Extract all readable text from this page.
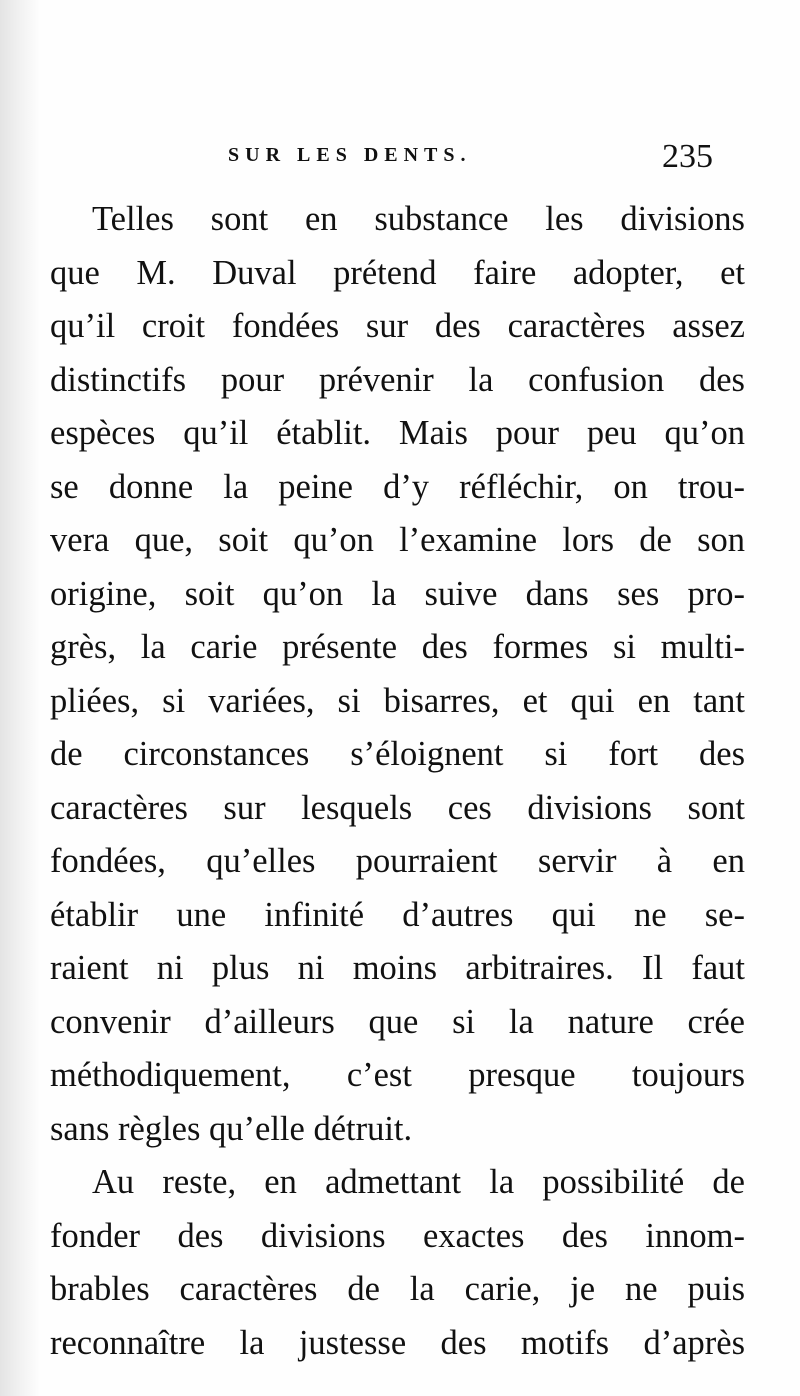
SUR LES DENTS.	235
Telles sont en substance les divisions
que M. Duval prétend faire adopter, et
qu’il croit fondées sur des caractères assez
distinctifs pour prévenir la confusion des
espèces qu’il établit. Mais pour peu qu’on
se donne la peine d’y réfléchir, on trou-
vera que, soit qu’on l’examine lors de son
origine, soit qu’on la suive dans ses pro-
grès, la carie présente des formes si multi-
pliées, si variées, si bisarres, et qui en tant
de circonstances s’éloignent si fort des
caractères sur lesquels ces divisions sont
fondées, qu’elles pourraient servir à en
établir une infinité d’autres qui ne se-
raient ni plus ni moins arbitraires. Il faut
convenir d’ailleurs que si la nature crée
méthodiquement, c’est presque toujours
sans règles qu’elle détruit.
Au reste, en admettant la possibilité de
fonder des divisions exactes des innom-
brables caractères de la carie, je ne puis
reconnaître la justesse des motifs d’après
